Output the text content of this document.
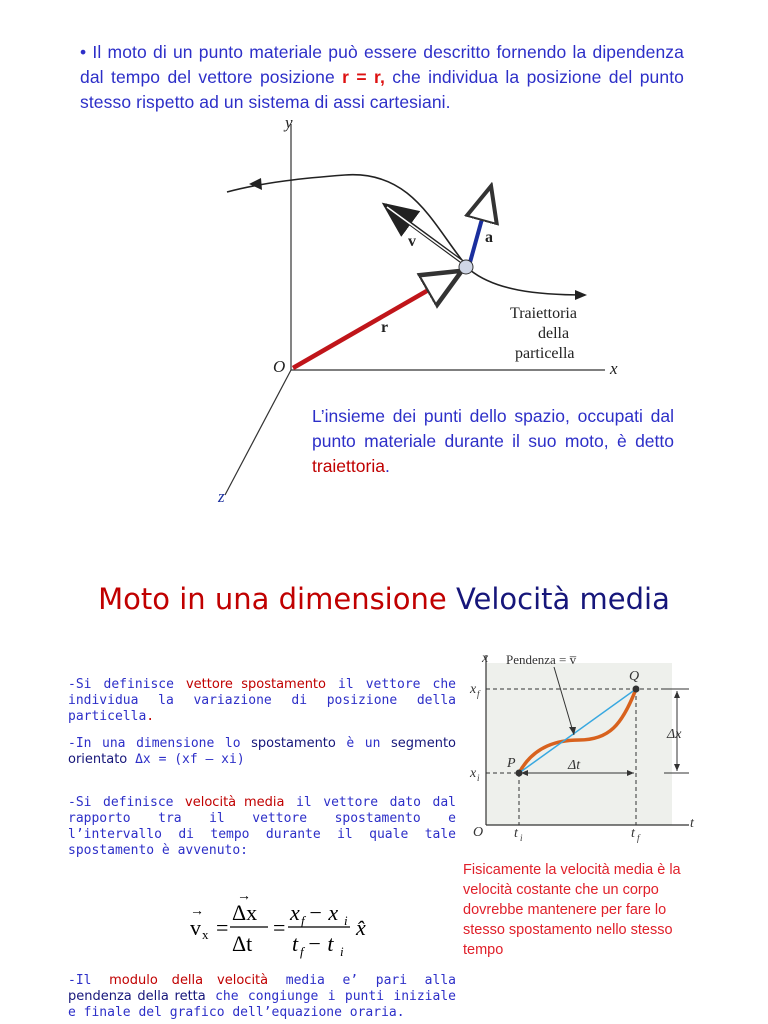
• Il moto di un punto materiale può essere descritto fornendo la dipendenza dal tempo del vettore posizione r = r, che individua la posizione del punto stesso rispetto ad un sistema di assi cartesiani.
y
x
z
O
r
v	a
Traiettoria
della
particella
L’insieme dei punti dello spazio, occupati dal punto materiale durante il suo moto, è detto traiettoria.
Moto in una dimensione Velocità media
-Si definisce vettore spostamento il vettore che individua la variazione di posizione della particella.
-In una dimensione lo spostamento è un segmento orientato Δx = (xf – xi)
-Si definisce velocità media il vettore dato dal rapporto tra il vettore spostamento e l’intervallo di tempo durante il quale tale spostamento è avvenuto:
v x
→
=
→
Δx
Δt
=
x f − x i
t f − t i
x̂
-Il modulo della velocità media e’ pari alla pendenza della retta che congiunge i punti iniziale e finale del grafico dell’equazione oraria.
x
t
O
Pendenza = v̅
P
Q
x f
x i
t i	t f
Δx
Δt
Fisicamente la velocità media è la velocità costante che un corpo dovrebbe mantenere per fare lo stesso spostamento nello stesso tempo
